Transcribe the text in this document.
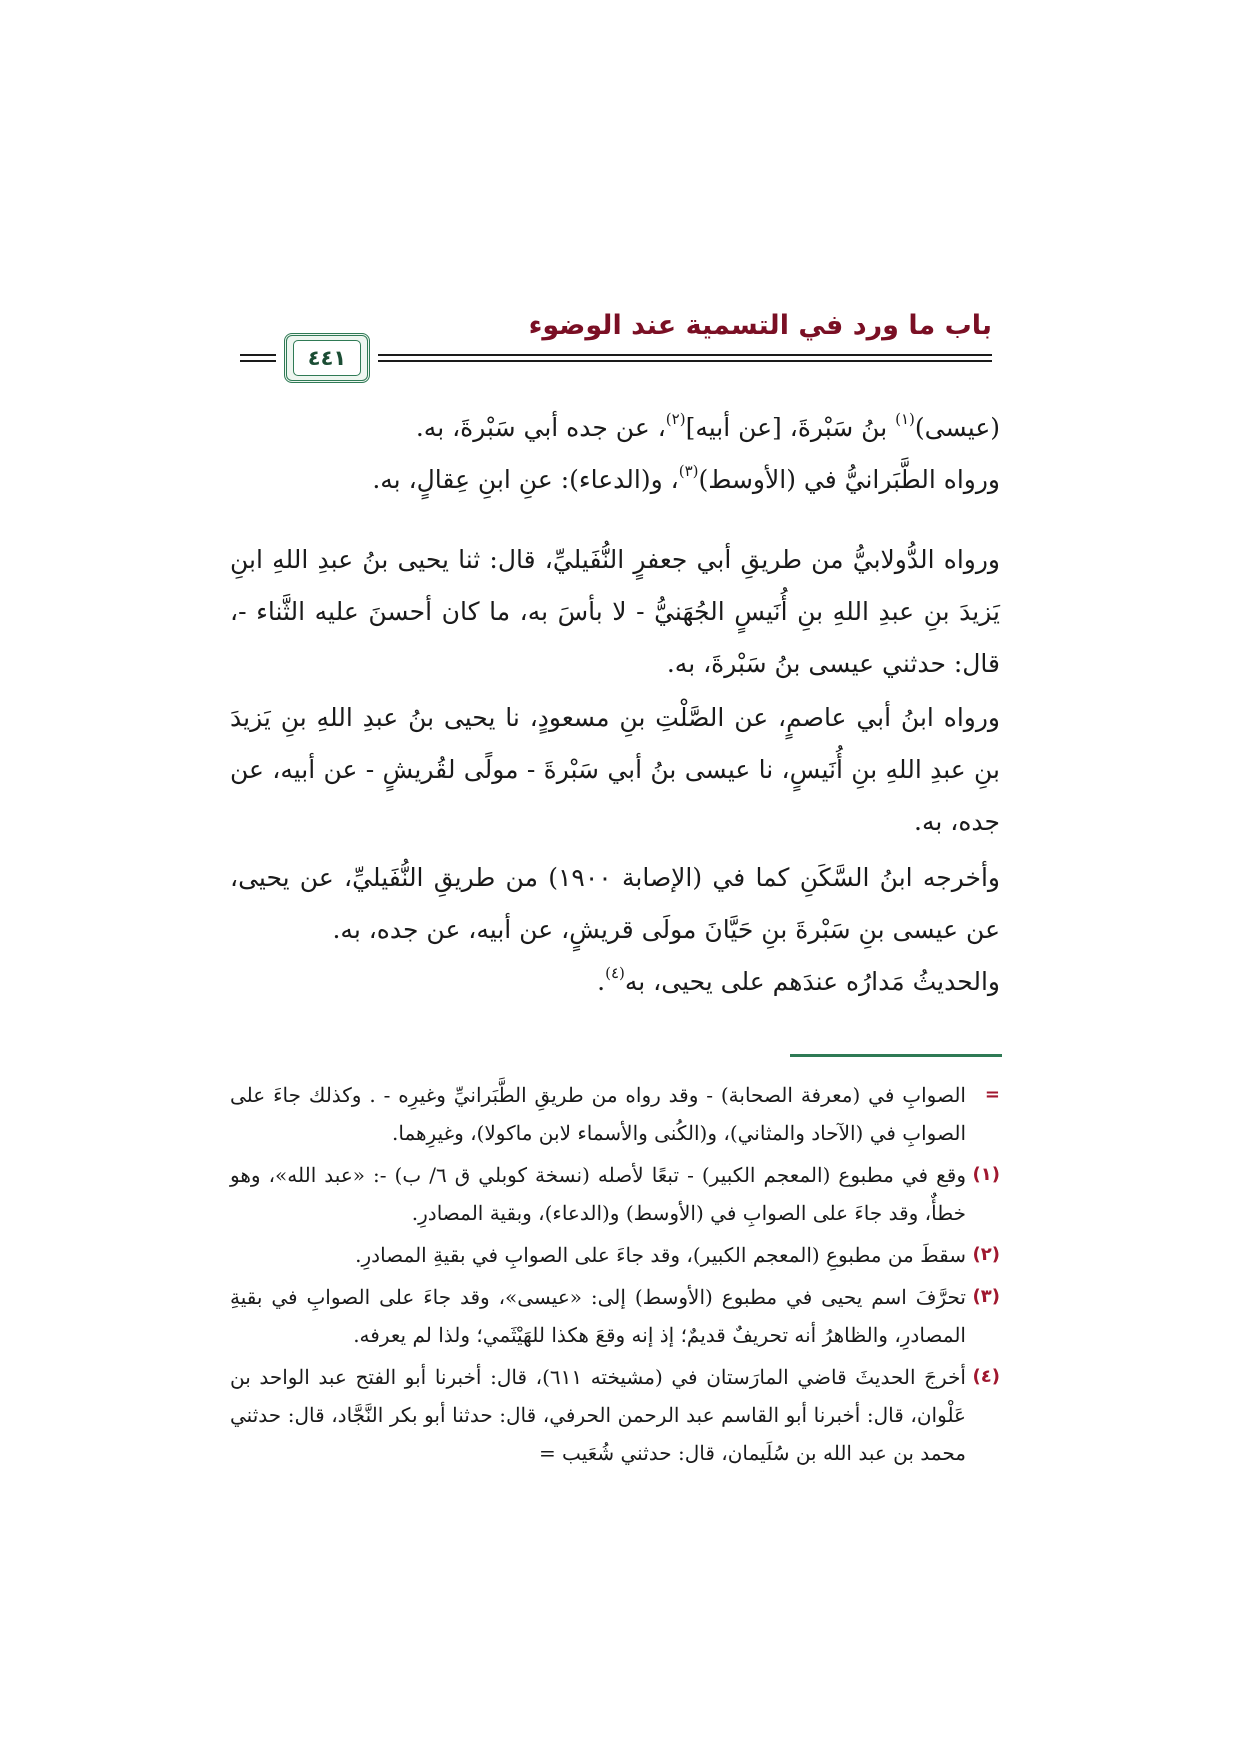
باب ما ورد في التسمية عند الوضوء
٤٤١

(عيسى)$^{(١)}$ بنُ سَبْرةَ، [عن أبيه]$^{(٢)}$، عن جده أبي سَبْرةَ، به.

ورواه الطَّبَرانيُّ في (الأوسط)$^{(٣)}$، و(الدعاء): عنِ ابنِ عِقالٍ، به.

ورواه الدُّولابيُّ من طريقِ أبي جعفرٍ النُّفَيليِّ، قال: ثنا يحيى بنُ عبدِ اللهِ ابنِ يَزيدَ بنِ عبدِ اللهِ بنِ أُنَيسٍ الجُهَنيُّ - لا بأسَ به، ما كان أحسنَ عليه الثَّناء -، قال: حدثني عيسى بنُ سَبْرةَ، به.

ورواه ابنُ أبي عاصمٍ، عن الصَّلْتِ بنِ مسعودٍ، نا يحيى بنُ عبدِ اللهِ بنِ يَزيدَ بنِ عبدِ اللهِ بنِ أُنَيسٍ، نا عيسى بنُ أبي سَبْرةَ - مولًى لقُريشٍ - عن أبيه، عن جده، به.

وأخرجه ابنُ السَّكَنِ كما في (الإصابة ١٩٠٠) من طريقِ النُّفَيليِّ، عن يحيى، عن عيسى بنِ سَبْرةَ بنِ حَيَّانَ مولَى قريشٍ، عن أبيه، عن جده، به.

والحديثُ مَدارُه عندَهم على يحيى، به$^{(٤)}$.

=
الصوابِ في (معرفة الصحابة) - وقد رواه من طريقِ الطَّبَرانيِّ وغيرِه - . وكذلك جاءَ على الصوابِ في (الآحاد والمثاني)، و(الكُنى والأسماء لابن ماكولا)، وغيرِهما.

(١)
وقع في مطبوع (المعجم الكبير) - تبعًا لأصله (نسخة كوبلي ق ٦/ ب) -: «عبد الله»، وهو خطأٌ، وقد جاءَ على الصوابِ في (الأوسط) و(الدعاء)، وبقية المصادرِ.

(٢)
سقطَ من مطبوعِ (المعجم الكبير)، وقد جاءَ على الصوابِ في بقيةِ المصادرِ.

(٣)
تحرَّفَ اسم يحيى في مطبوع (الأوسط) إلى: «عيسى»، وقد جاءَ على الصوابِ في بقيةِ المصادرِ، والظاهرُ أنه تحريفٌ قديمٌ؛ إذ إنه وقعَ هكذا للهَيْثَمي؛ ولذا لم يعرفه.

(٤)
أخرجَ الحديثَ قاضي المارَستان في (مشيخته ٦١١)، قال: أخبرنا أبو الفتح عبد الواحد بن عَلْوان، قال: أخبرنا أبو القاسم عبد الرحمن الحرفي، قال: حدثنا أبو بكر النَّجَّاد، قال: حدثني محمد بن عبد الله بن سُلَيمان، قال: حدثني شُعَيب =
